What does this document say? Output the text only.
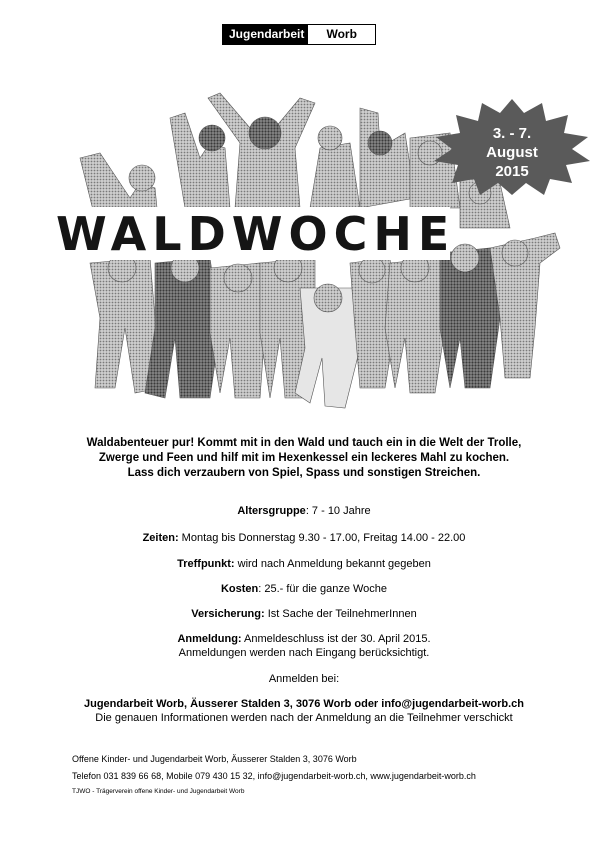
Jugendarbeit	Worb
WALDWOCHE
3. - 7.
August
2015
Waldabenteuer pur! Kommt mit in den Wald und tauch ein in die Welt der Trolle,
Zwerge und Feen und hilf mit im Hexenkessel ein leckeres Mahl zu kochen.
Lass dich verzaubern von Spiel, Spass und sonstigen Streichen.
Altersgruppe: 7 - 10 Jahre
Zeiten: Montag bis Donnerstag 9.30 - 17.00, Freitag 14.00 - 22.00
Treffpunkt: wird nach Anmeldung bekannt gegeben
Kosten: 25.- für die ganze Woche
Versicherung: Ist Sache der TeilnehmerInnen
Anmeldung: Anmeldeschluss ist der 30. April 2015.
Anmeldungen werden nach Eingang berücksichtigt.
Anmelden bei:
Jugendarbeit Worb, Äusserer Stalden 3, 3076 Worb oder info@jugendarbeit-worb.ch
Die genauen Informationen werden nach der Anmeldung an die Teilnehmer verschickt
Offene Kinder- und Jugendarbeit Worb, Äusserer Stalden 3, 3076 Worb
Telefon 031 839 66 68, Mobile 079 430 15 32, info@jugendarbeit-worb.ch, www.jugendarbeit-worb.ch
TJWO - Trägerverein offene Kinder- und Jugendarbeit Worb
